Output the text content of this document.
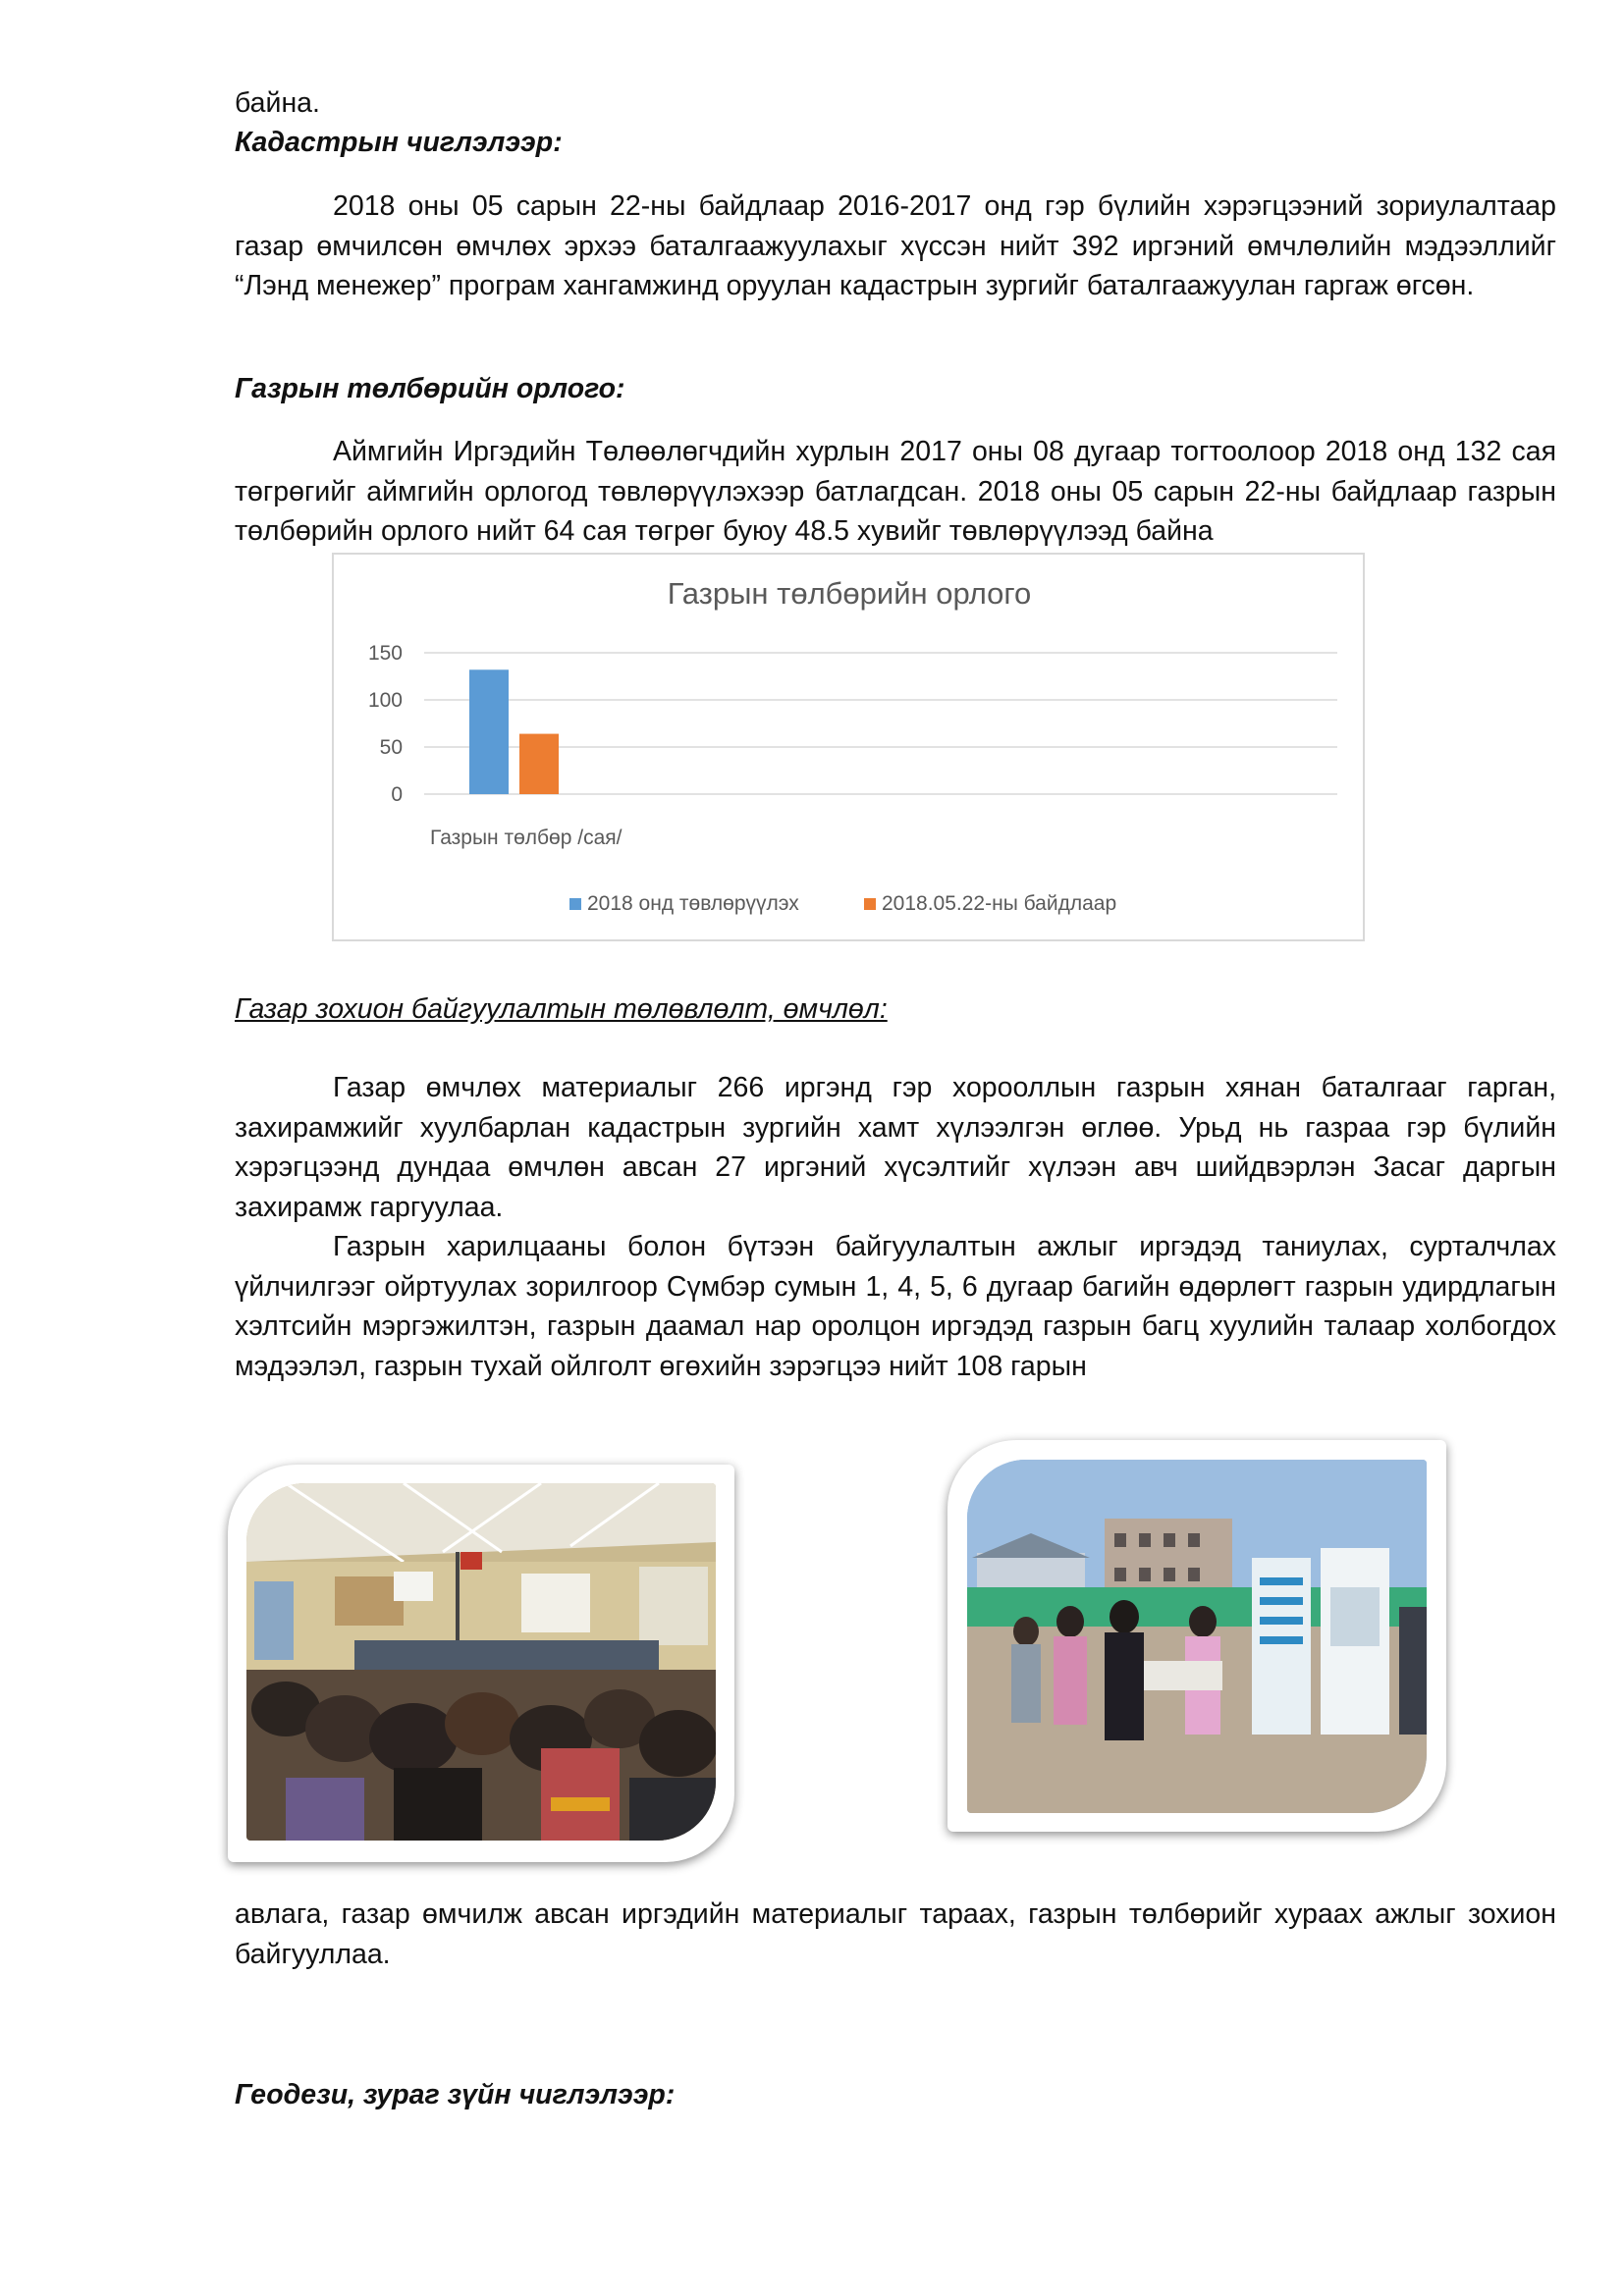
байна.
Кадастрын чиглэлээр:
2018 оны 05 сарын 22-ны байдлаар 2016-2017 онд гэр бүлийн хэрэгцээний зориулалтаар газар өмчилсөн өмчлөх эрхээ баталгаажуулахыг хүссэн нийт 392 иргэний өмчлөлийн мэдээллийг “Лэнд менежер” програм хангамжинд оруулан кадастрын зургийг баталгаажуулан гаргаж өгсөн.
Газрын төлбөрийн орлого:
Аймгийн Иргэдийн Төлөөлөгчдийн хурлын 2017 оны 08 дугаар тогтоолоор 2018 онд 132 сая төгрөгийг аймгийн орлогод төвлөрүүлэхээр батлагдсан. 2018 оны 05 сарын 22-ны байдлаар газрын төлбөрийн орлого нийт 64 сая төгрөг буюу 48.5 хувийг төвлөрүүлээд байна
Газрын төлбөрийн орлого
0
50
100
150
Газрын төлбөр /сая/
2018 онд төвлөрүүлэх	2018.05.22-ны байдлаар
Газар зохион байгуулалтын төлөвлөлт, өмчлөл:
Газар өмчлөх материалыг 266 иргэнд гэр хорооллын газрын хянан баталгааг гарган, захирамжийг хуулбарлан кадастрын зургийн хамт хүлээлгэн өглөө. Урьд нь газраа гэр бүлийн хэрэгцээнд дундаа өмчлөн авсан 27 иргэний хүсэлтийг хүлээн авч шийдвэрлэн Засаг даргын захирамж гаргуулаа.
Газрын харилцааны болон бүтээн байгуулалтын ажлыг иргэдэд таниулах, сурталчлах үйлчилгээг ойртуулах зорилгоор Сүмбэр сумын 1, 4, 5, 6 дугаар багийн өдөрлөгт газрын удирдлагын хэлтсийн мэргэжилтэн, газрын даамал нар оролцон иргэдэд газрын багц хуулийн талаар холбогдох мэдээлэл, газрын тухай ойлголт өгөхийн зэрэгцээ нийт 108 гарын
авлага, газар өмчилж авсан иргэдийн материалыг тараах, газрын төлбөрийг хураах ажлыг зохион байгууллаа.
Геодези, зураг зүйн чиглэлээр:
